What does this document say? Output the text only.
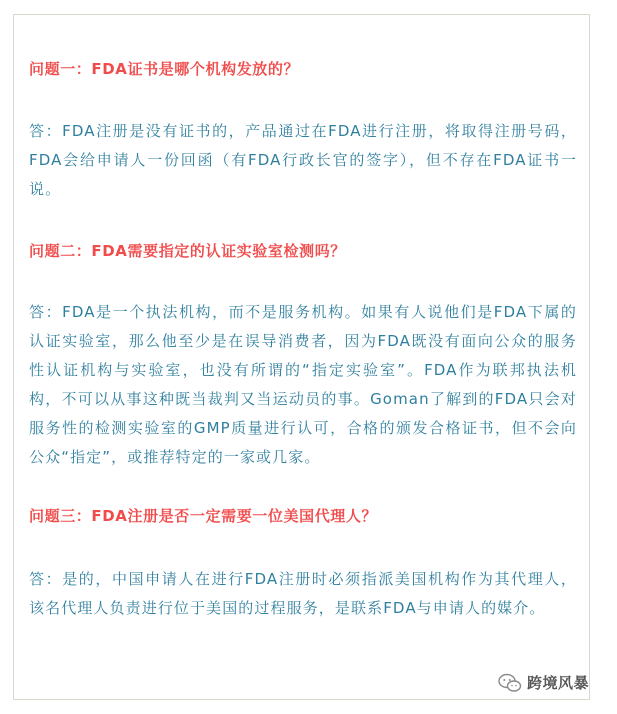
问题一：FDA证书是哪个机构发放的？

答：FDA注册是没有证书的，产品通过在FDA进行注册，将取得注册号码，FDA会给申请人一份回函（有FDA行政长官的签字），但不存在FDA证书一说。

问题二：FDA需要指定的认证实验室检测吗？

答：FDA是一个执法机构，而不是服务机构。如果有人说他们是FDA下属的认证实验室，那么他至少是在误导消费者，因为FDA既没有面向公众的服务性认证机构与实验室，也没有所谓的“指定实验室”。FDA作为联邦执法机构，不可以从事这种既当裁判又当运动员的事。Goman了解到的FDA只会对服务性的检测实验室的GMP质量进行认可，合格的颁发合格证书，但不会向公众“指定”，或推荐特定的一家或几家。

问题三：FDA注册是否一定需要一位美国代理人？

答：是的，中国申请人在进行FDA注册时必须指派美国机构作为其代理人，该名代理人负责进行位于美国的过程服务，是联系FDA与申请人的媒介。

跨境风暴
